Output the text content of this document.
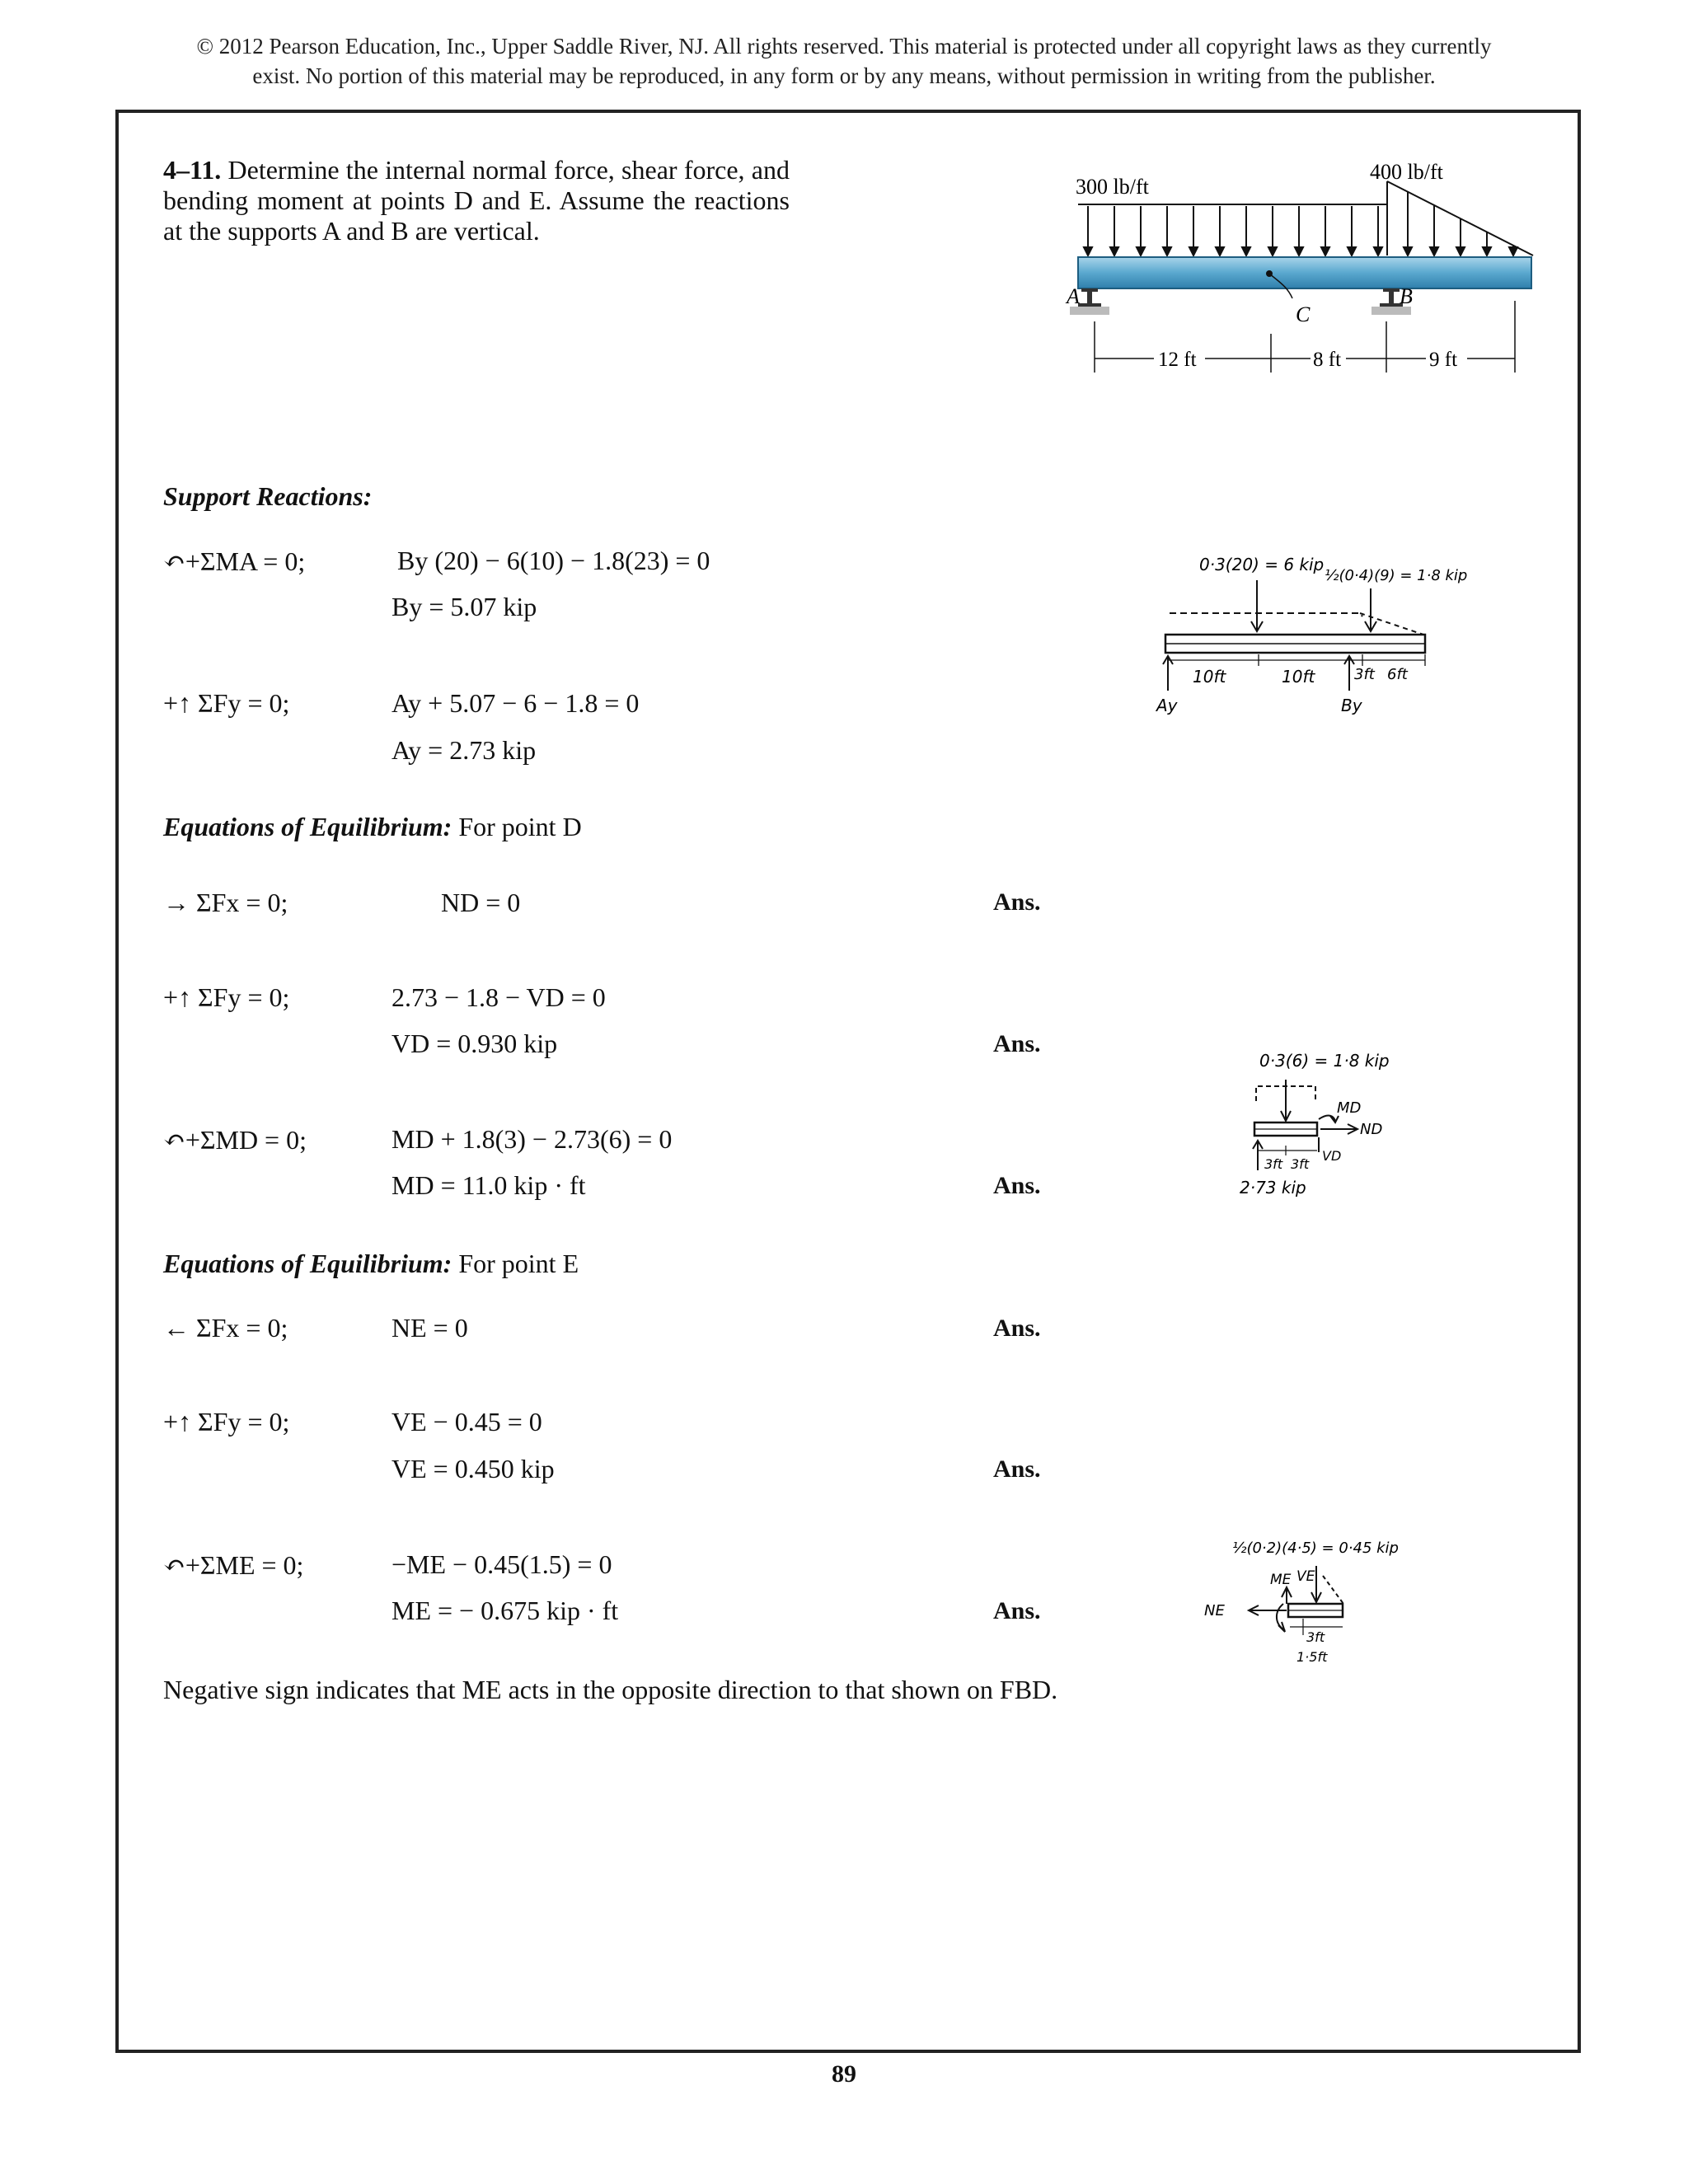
© 2012 Pearson Education, Inc., Upper Saddle River, NJ. All rights reserved. This material is protected under all copyright laws as they currently
exist. No portion of this material may be reproduced, in any form or by any means, without permission in writing from the publisher.
4–11. Determine the internal normal force, shear force, and bending moment at points D and E. Assume the reactions at the supports A and B are vertical.
300 lb/ft
400 lb/ft
C
A	B
12 ft	8 ft	9 ft
0·3(20) = 6 kip
½(0·4)(9) = 1·8 kip
10ft	10ft	3ft 6ft
Ay	By
0·3(6) = 1·8 kip
MD
ND
VD
3ft 3ft
2·73 kip
½(0·2)(4·5) = 0·45 kip
ME VE
NE
3ft
1·5ft
Support Reactions:
↶+ΣMA = 0;	By (20) − 6(10) − 1.8(23) = 0
By = 5.07 kip
+↑ ΣFy = 0;	Ay + 5.07 − 6 − 1.8 = 0
Ay = 2.73 kip
Equations of Equilibrium: For point D
→ ΣFx = 0;	ND = 0	Ans.
+↑ ΣFy = 0;	2.73 − 1.8 − VD = 0
VD = 0.930 kip	Ans.
↶+ΣMD = 0;	MD + 1.8(3) − 2.73(6) = 0
MD = 11.0 kip · ft	Ans.
Equations of Equilibrium: For point E
← ΣFx = 0;	NE = 0	Ans.
+↑ ΣFy = 0;	VE − 0.45 = 0
VE = 0.450 kip	Ans.
↶+ΣME = 0;	−ME − 0.45(1.5) = 0
ME = − 0.675 kip · ft	Ans.
Negative sign indicates that ME acts in the opposite direction to that shown on FBD.
89
